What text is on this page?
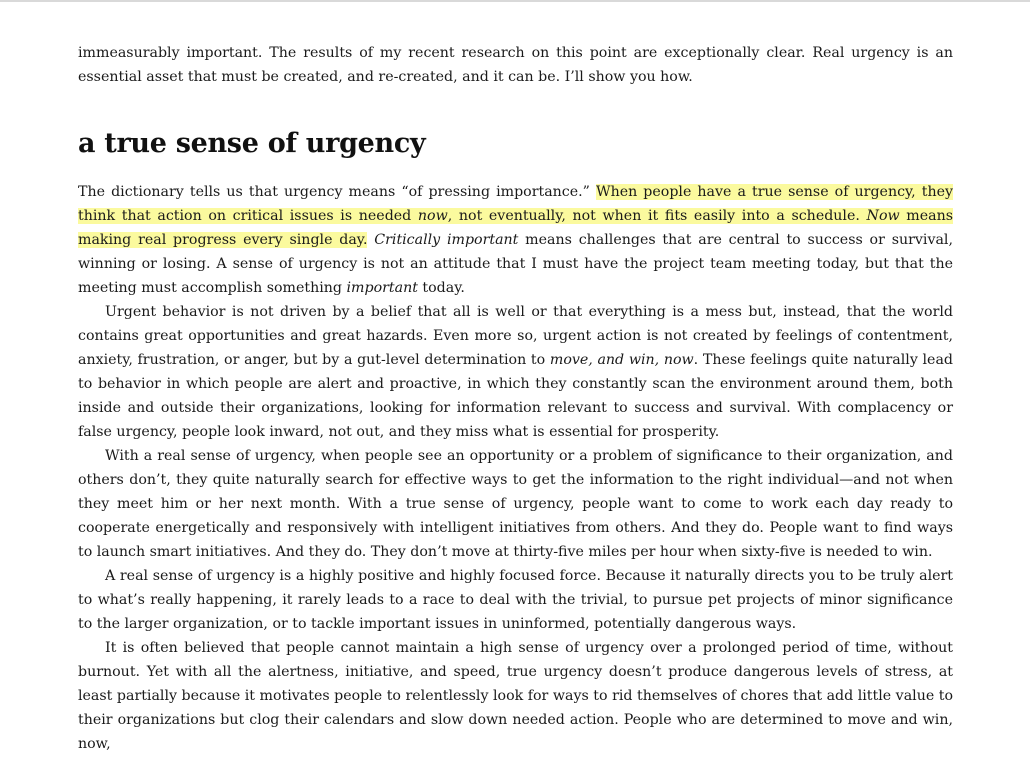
immeasurably important. The results of my recent research on this point are exceptionally clear. Real urgency is an

essential asset that must be created, and re-created, and it can be. I’ll show you how.

a true sense of urgency

The dictionary tells us that urgency means “of pressing importance.” When people have a true sense of urgency, they think that action on critical issues is needed now, not eventually, not when it fits easily into a schedule. Now means making real progress every single day. Critically important means challenges that are central to success or survival, winning or losing. A sense of urgency is not an attitude that I must have the project team meeting today, but that the meeting must accomplish something important today.

Urgent behavior is not driven by a belief that all is well or that everything is a mess but, instead, that the world contains great opportunities and great hazards. Even more so, urgent action is not created by feelings of contentment, anxiety, frustration, or anger, but by a gut-level determination to move, and win, now. These feelings quite naturally lead to behavior in which people are alert and proactive, in which they constantly scan the environment around them, both inside and outside their organizations, looking for information relevant to success and survival. With complacency or false urgency, people look inward, not out, and they miss what is essential for prosperity.

With a real sense of urgency, when people see an opportunity or a problem of significance to their organization, and others don’t, they quite naturally search for effective ways to get the information to the right individual—and not when they meet him or her next month. With a true sense of urgency, people want to come to work each day ready to cooperate energetically and responsively with intelligent initiatives from others. And they do. People want to find ways to launch smart initiatives. And they do. They don’t move at thirty-five miles per hour when sixty-five is needed to win.

A real sense of urgency is a highly positive and highly focused force. Because it naturally directs you to be truly alert to what’s really happening, it rarely leads to a race to deal with the trivial, to pursue pet projects of minor significance to the larger organization, or to tackle important issues in uninformed, potentially dangerous ways.

It is often believed that people cannot maintain a high sense of urgency over a prolonged period of time, without burnout. Yet with all the alertness, initiative, and speed, true urgency doesn’t produce dangerous levels of stress, at least partially because it motivates people to relentlessly look for ways to rid themselves of chores that add little value to their organizations but clog their calendars and slow down needed action. People who are determined to move and win, now,
